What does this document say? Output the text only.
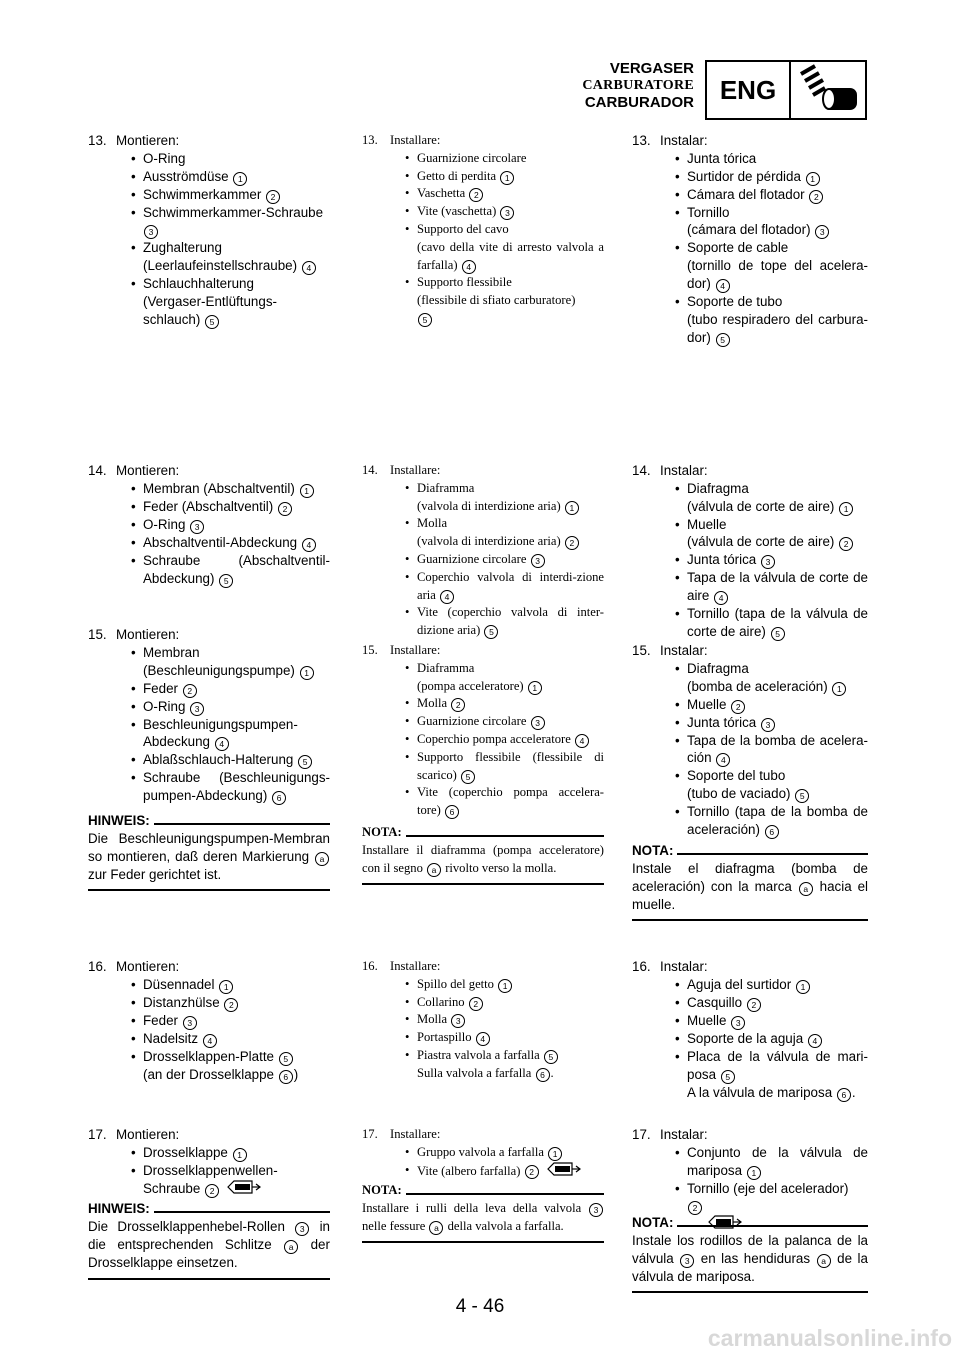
VERGASER
CARBURATORE
CARBURADOR ENG
13. Montieren:
• O-Ring
• Ausströmdüse 1
• Schwimmerkammer 2
• Schwimmerkammer-Schraube
3
• Zughalterung
(Leerlaufeinstellschraube) 4
• Schlauchhalterung
(Vergaser-Entlüftungs-
schlauch) 5
14. Montieren:
• Membran (Abschaltventil) 1
• Feder (Abschaltventil) 2
• O-Ring 3
• Abschaltventil-Abdeckung 4
• Schraube	(Abschaltventil-
Abdeckung) 5
15. Montieren:
• Membran
(Beschleunigungspumpe) 1
• Feder 2
• O-Ring 3
• Beschleunigungspumpen-
Abdeckung 4
• Ablaßschlauch-Halterung 5
• Schraube (Beschleunigungs-
pumpen-Abdeckung) 6
HINWEIS:
Die Beschleunigungspumpen-Membran so montieren, daß deren Markierung a zur Feder gerichtet ist.
16. Montieren:
• Düsennadel 1
• Distanzhülse 2
• Feder 3
• Nadelsitz 4
• Drosselklappen-Platte 5
(an der Drosselklappe 6 )
17. Montieren:
• Drosselklappe 1
• Drosselklappenwellen-
Schraube 2
HINWEIS:
Die Drosselklappenhebel-Rollen 3 in die entsprechenden Schlitze a der Drosselklappe einsetzen.
13. Installare:
• Guarnizione circolare
• Getto di perdita 1
• Vaschetta 2
• Vite (vaschetta) 3
• Supporto del cavo
(cavo della vite di arresto valvola a farfalla) 4
• Supporto flessibile
(flessibile di sfiato carburatore)
5
14. Installare:
• Diaframma
(valvola di interdizione aria) 1
• Molla
(valvola di interdizione aria) 2
• Guarnizione circolare 3
• Coperchio valvola di interdi-zione aria 4
• Vite (coperchio valvola di inter-dizione aria) 5
15. Installare:
• Diaframma
(pompa acceleratore) 1
• Molla 2
• Guarnizione circolare 3
• Coperchio pompa acceleratore 4
• Supporto flessibile (flessibile di scarico) 5
• Vite (coperchio pompa accelera-tore) 6
NOTA:
Installare il diaframma (pompa acceleratore) con il segno a rivolto verso la molla.
16. Installare:
• Spillo del getto 1
• Collarino 2
• Molla 3
• Portaspillo 4
• Piastra valvola a farfalla 5
Sulla valvola a farfalla 6 .
17. Installare:
• Gruppo valvola a farfalla 1
• Vite (albero farfalla) 2
NOTA:
Installare i rulli della leva della valvola 3 nelle fessure a della valvola a farfalla.
13. Instalar:
• Junta tórica
• Surtidor de pérdida 1
• Cámara del flotador 2
• Tornillo
(cámara del flotador) 3
• Soporte de cable
(tornillo de tope del acelera-dor) 4
• Soporte de tubo
(tubo respiradero del carbura-dor) 5
14. Instalar:
• Diafragma
(válvula de corte de aire) 1
• Muelle
(válvula de corte de aire) 2
• Junta tórica 3
• Tapa de la válvula de corte de aire 4
• Tornillo (tapa de la válvula de corte de aire) 5
15. Instalar:
• Diafragma
(bomba de aceleración) 1
• Muelle 2
• Junta tórica 3
• Tapa de la bomba de acelera-ción 4
• Soporte del tubo
(tubo de vaciado) 5
• Tornillo (tapa de la bomba de aceleración) 6
NOTA:
Instale el diafragma (bomba de aceleración) con la marca a hacia el muelle.
16. Instalar:
• Aguja del surtidor 1
• Casquillo 2
• Muelle 3
• Soporte de la aguja 4
• Placa de la válvula de mari-posa 5
A la válvula de mariposa 6 .
17. Instalar:
• Conjunto de la válvula de mariposa 1
• Tornillo (eje del acelerador) 2

NOTA:
Instale los rodillos de la palanca de la válvula 3 en las hendiduras a de la válvula de mariposa.
4 - 46
carmanualsonline.info
